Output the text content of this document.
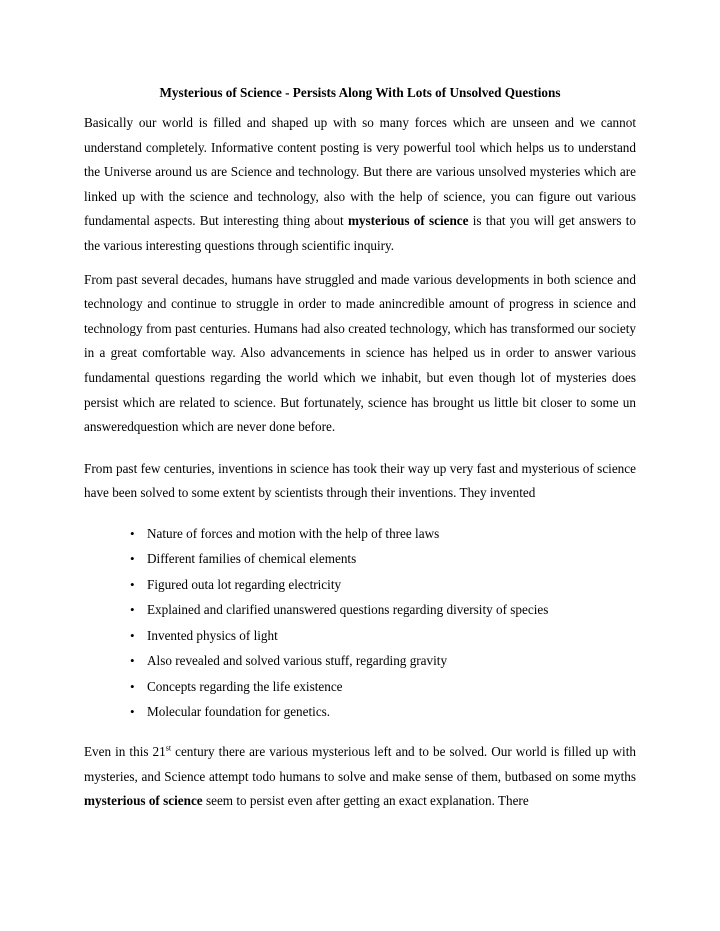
Mysterious of Science - Persists Along With Lots of Unsolved Questions

Basically our world is filled and shaped up with so many forces which are unseen and we cannot understand completely. Informative content posting is very powerful tool which helps us to understand the Universe around us are Science and technology. But there are various unsolved mysteries which are linked up with the science and technology, also with the help of science, you can figure out various fundamental aspects. But interesting thing about mysterious of science is that you will get answers to the various interesting questions through scientific inquiry.

From past several decades, humans have struggled and made various developments in both science and technology and continue to struggle in order to made anincredible amount of progress in science and technology from past centuries. Humans had also created technology, which has transformed our society in a great comfortable way. Also advancements in science has helped us in order to answer various fundamental questions regarding the world which we inhabit, but even though lot of mysteries does persist which are related to science. But fortunately, science has brought us little bit closer to some un answeredquestion which are never done before.

From past few centuries, inventions in science has took their way up very fast and mysterious of science have been solved to some extent by scientists through their inventions. They invented

• Nature of forces and motion with the help of three laws
• Different families of chemical elements
• Figured outa lot regarding electricity
• Explained and clarified unanswered questions regarding diversity of species
• Invented physics of light
• Also revealed and solved various stuff, regarding gravity
• Concepts regarding the life existence
• Molecular foundation for genetics.

Even in this 21st century there are various mysterious left and to be solved. Our world is filled up with mysteries, and Science attempt todo humans to solve and make sense of them, butbased on some myths mysterious of science seem to persist even after getting an exact explanation. There
